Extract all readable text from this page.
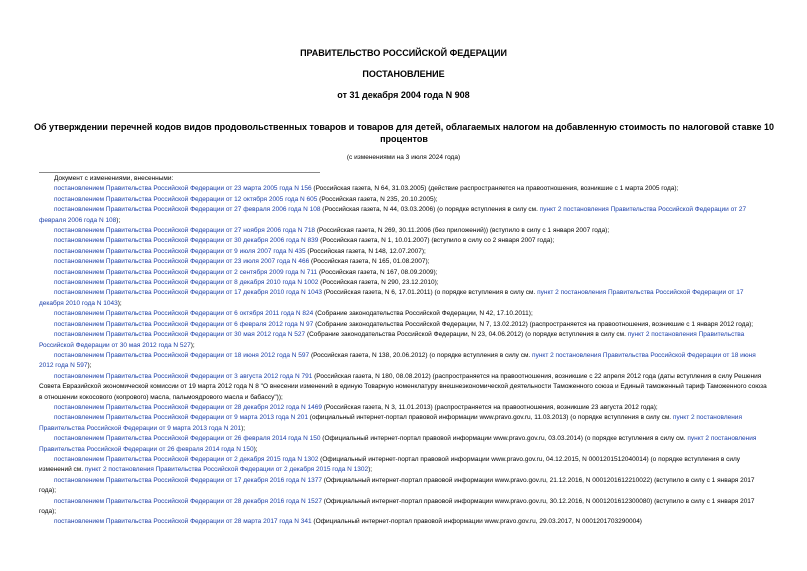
ПРАВИТЕЛЬСТВО РОССИЙСКОЙ ФЕДЕРАЦИИ
ПОСТАНОВЛЕНИЕ
от 31 декабря 2004 года N 908
Об утверждении перечней кодов видов продовольственных товаров и товаров для детей, облагаемых налогом на добавленную стоимость по налоговой ставке 10 процентов
(с изменениями на 3 июля 2024 года)

Документ с изменениями, внесенными:

постановлением Правительства Российской Федерации от 23 марта 2005 года N 156 (Российская газета, N 64, 31.03.2005) (действие распространяется на правоотношения, возникшие с 1 марта 2005 года);

постановлением Правительства Российской Федерации от 12 октября 2005 года N 605 (Российская газета, N 235, 20.10.2005);

постановлением Правительства Российской Федерации от 27 февраля 2006 года N 108 (Российская газета, N 44, 03.03.2006) (о порядке вступления в силу см. пункт 2 постановления Правительства Российской Федерации от 27 февраля 2006 года N 108);

постановлением Правительства Российской Федерации от 27 ноября 2006 года N 718 (Российская газета, N 269, 30.11.2006 (без приложений)) (вступило в силу с 1 января 2007 года);

постановлением Правительства Российской Федерации от 30 декабря 2006 года N 839 (Российская газета, N 1, 10.01.2007) (вступило в силу со 2 января 2007 года);

постановлением Правительства Российской Федерации от 9 июля 2007 года N 435 (Российская газета, N 148, 12.07.2007);

постановлением Правительства Российской Федерации от 23 июля 2007 года N 466 (Российская газета, N 165, 01.08.2007);

постановлением Правительства Российской Федерации от 2 сентября 2009 года N 711 (Российская газета, N 167, 08.09.2009);

постановлением Правительства Российской Федерации от 8 декабря 2010 года N 1002 (Российская газета, N 290, 23.12.2010);

постановлением Правительства Российской Федерации от 17 декабря 2010 года N 1043 (Российская газета, N 6, 17.01.2011) (о порядке вступления в силу см. пункт 2 постановления Правительства Российской Федерации от 17 декабря 2010 года N 1043);

постановлением Правительства Российской Федерации от 6 октября 2011 года N 824 (Собрание законодательства Российской Федерации, N 42, 17.10.2011);

постановлением Правительства Российской Федерации от 6 февраля 2012 года N 97 (Собрание законодательства Российской Федерации, N 7, 13.02.2012) (распространяется на правоотношения, возникшие с 1 января 2012 года);

постановлением Правительства Российской Федерации от 30 мая 2012 года N 527 (Собрание законодательства Российской Федерации, N 23, 04.06.2012) (о порядке вступления в силу см. пункт 2 постановления Правительства Российской Федерации от 30 мая 2012 года N 527);

постановлением Правительства Российской Федерации от 18 июня 2012 года N 597 (Российская газета, N 138, 20.06.2012) (о порядке вступления в силу см. пункт 2 постановления Правительства Российской Федерации от 18 июня 2012 года N 597);

постановлением Правительства Российской Федерации от 3 августа 2012 года N 791 (Российская газета, N 180, 08.08.2012) (распространяется на правоотношения, возникшие с 22 апреля 2012 года (даты вступления в силу Решения Совета Евразийской экономической комиссии от 19 марта 2012 года N 8 "О внесении изменений в единую Товарную номенклатуру внешнеэкономической деятельности Таможенного союза и Единый таможенный тариф Таможенного союза в отношении кокосового (копрового) масла, пальмоядрового масла и бабассу"));

постановлением Правительства Российской Федерации от 28 декабря 2012 года N 1469 (Российская газета, N 3, 11.01.2013) (распространяется на правоотношения, возникшие 23 августа 2012 года);

постановлением Правительства Российской Федерации от 9 марта 2013 года N 201 (официальный интернет-портал правовой информации www.pravo.gov.ru, 11.03.2013) (о порядке вступления в силу см. пункт 2 постановления Правительства Российской Федерации от 9 марта 2013 года N 201);

постановлением Правительства Российской Федерации от 26 февраля 2014 года N 150 (Официальный интернет-портал правовой информации www.pravo.gov.ru, 03.03.2014) (о порядке вступления в силу см. пункт 2 постановления Правительства Российской Федерации от 26 февраля 2014 года N 150);

постановлением Правительства Российской Федерации от 2 декабря 2015 года N 1302 (Официальный интернет-портал правовой информации www.pravo.gov.ru, 04.12.2015, N 0001201512040014) (о порядке вступления в силу изменений см. пункт 2 постановления Правительства Российской Федерации от 2 декабря 2015 года N 1302);

постановлением Правительства Российской Федерации от 17 декабря 2016 года N 1377 (Официальный интернет-портал правовой информации www.pravo.gov.ru, 21.12.2016, N 0001201612210022) (вступило в силу с 1 января 2017 года);

постановлением Правительства Российской Федерации от 28 декабря 2016 года N 1527 (Официальный интернет-портал правовой информации www.pravo.gov.ru, 30.12.2016, N 0001201612300080) (вступило в силу с 1 января 2017 года);

постановлением Правительства Российской Федерации от 28 марта 2017 года N 341 (Официальный интернет-портал правовой информации www.pravo.gov.ru, 29.03.2017, N 0001201703290004)
